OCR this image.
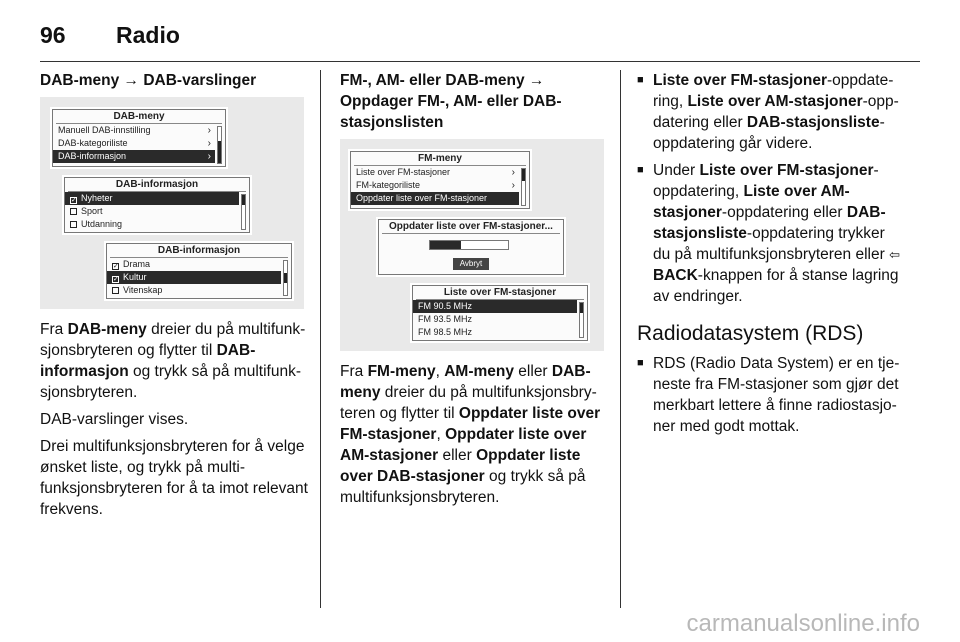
96 Radio

DAB-meny → DAB-varslinger

DAB-meny
Manuell DAB-innstilling	›
DAB-kategoriliste	›
DAB-informasjon	›
DAB-informasjon
✓ Nyheter
Sport
Utdanning
DAB-informasjon
✓ Drama
✓ Kultur
Vitenskap

Fra DAB-meny dreier du på multifunksjonsbryteren og flytter til DAB-informasjon og trykk så på multifunksjonsbryteren.

DAB-varslinger vises.

Drei multifunksjonsbryteren for å velge ønsket liste, og trykk på multifunksjonsbryteren for å ta imot relevant frekvens.

FM-, AM- eller DAB-meny → Oppdager FM-, AM- eller DAB-stasjonslisten

FM-meny
Liste over FM-stasjoner	›
FM-kategoriliste	›
Oppdater liste over FM-stasjoner
Oppdater liste over FM-stasjoner...
Avbryt
Liste over FM-stasjoner
FM 90.5 MHz
FM 93.5 MHz
FM 98.5 MHz

Fra FM-meny, AM-meny eller DAB-meny dreier du på multifunksjonsbryteren og flytter til Oppdater liste over FM-stasjoner, Oppdater liste over AM-stasjoner eller Oppdater liste over DAB-stasjoner og trykk så på multifunksjonsbryteren.

■ Liste over FM-stasjoner-oppdatering, Liste over AM-stasjoner-oppdatering eller DAB-stasjonsliste-oppdatering går videre.

■ Under Liste over FM-stasjoner-oppdatering, Liste over AM-stasjoner-oppdatering eller DAB-stasjonsliste-oppdatering trykker du på multifunksjonsbryteren eller ⇦ BACK-knappen for å stanse lagring av endringer.

Radiodatasystem (RDS)

■ RDS (Radio Data System) er en tjeneste fra FM-stasjoner som gjør det merkbart lettere å finne radiostasjoner med godt mottak.

carmanualsonline.info
